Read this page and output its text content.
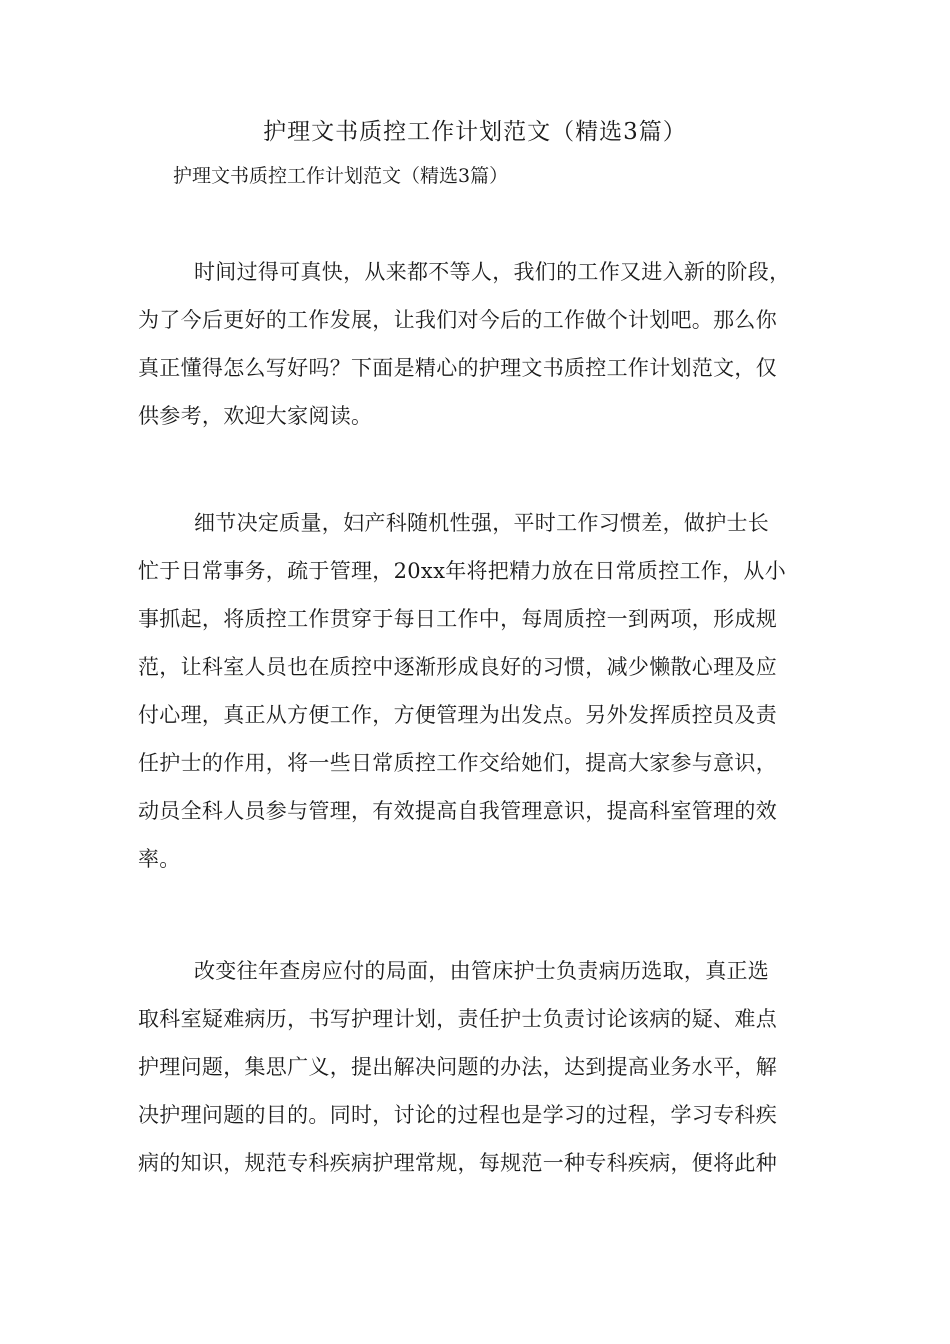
护理文书质控工作计划范文（精选3篇）
护理文书质控工作计划范文（精选3篇）
时间过得可真快，从来都不等人，我们的工作又进入新的阶段，
为了今后更好的工作发展，让我们对今后的工作做个计划吧。那么你
真正懂得怎么写好吗？下面是精心的护理文书质控工作计划范文，仅
供参考，欢迎大家阅读。
细节决定质量，妇产科随机性强，平时工作习惯差，做护士长
忙于日常事务，疏于管理，20xx年将把精力放在日常质控工作，从小
事抓起，将质控工作贯穿于每日工作中，每周质控一到两项，形成规
范，让科室人员也在质控中逐渐形成良好的习惯，减少懒散心理及应
付心理，真正从方便工作，方便管理为出发点。另外发挥质控员及责
任护士的作用，将一些日常质控工作交给她们，提高大家参与意识，
动员全科人员参与管理，有效提高自我管理意识，提高科室管理的效
率。
改变往年查房应付的局面，由管床护士负责病历选取，真正选
取科室疑难病历，书写护理计划，责任护士负责讨论该病的疑、难点
护理问题，集思广义，提出解决问题的办法，达到提高业务水平，解
决护理问题的目的。同时，讨论的过程也是学习的过程，学习专科疾
病的知识，规范专科疾病护理常规，每规范一种专科疾病，便将此种
